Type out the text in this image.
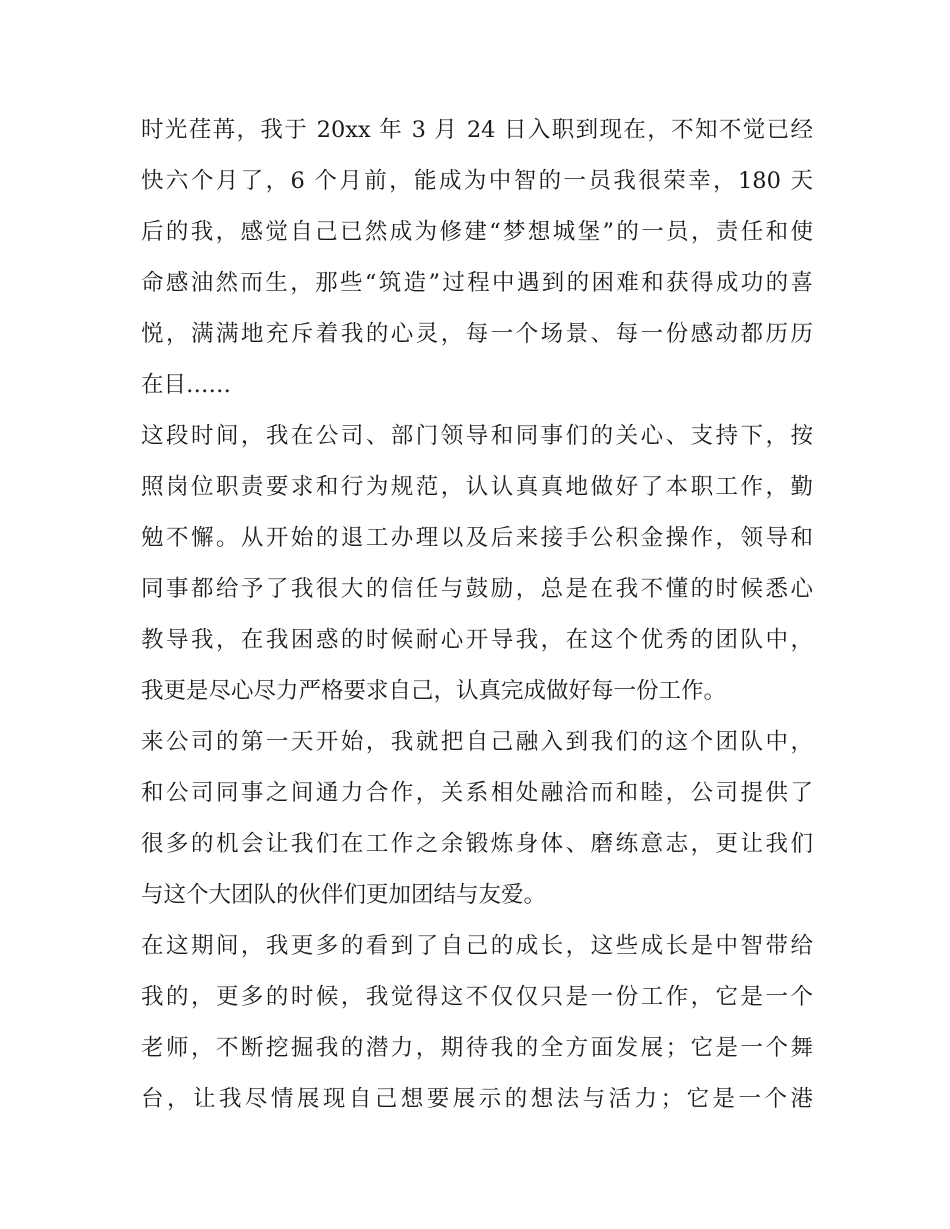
时光荏苒，我于 20xx 年 3 月 24 日入职到现在，不知不觉已经
快六个月了，6 个月前，能成为中智的一员我很荣幸，180 天
后的我，感觉自己已然成为修建“梦想城堡”的一员，责任和使
命感油然而生，那些“筑造”过程中遇到的困难和获得成功的喜
悦，满满地充斥着我的心灵，每一个场景、每一份感动都历历
在目……
这段时间，我在公司、部门领导和同事们的关心、支持下，按
照岗位职责要求和行为规范，认认真真地做好了本职工作，勤
勉不懈。从开始的退工办理以及后来接手公积金操作，领导和
同事都给予了我很大的信任与鼓励，总是在我不懂的时候悉心
教导我，在我困惑的时候耐心开导我，在这个优秀的团队中，
我更是尽心尽力严格要求自己，认真完成做好每一份工作。
来公司的第一天开始，我就把自己融入到我们的这个团队中，
和公司同事之间通力合作，关系相处融洽而和睦，公司提供了
很多的机会让我们在工作之余锻炼身体、磨练意志，更让我们
与这个大团队的伙伴们更加团结与友爱。
在这期间，我更多的看到了自己的成长，这些成长是中智带给
我的，更多的时候，我觉得这不仅仅只是一份工作，它是一个
老师，不断挖掘我的潜力，期待我的全方面发展；它是一个舞
台，让我尽情展现自己想要展示的想法与活力；它是一个港
